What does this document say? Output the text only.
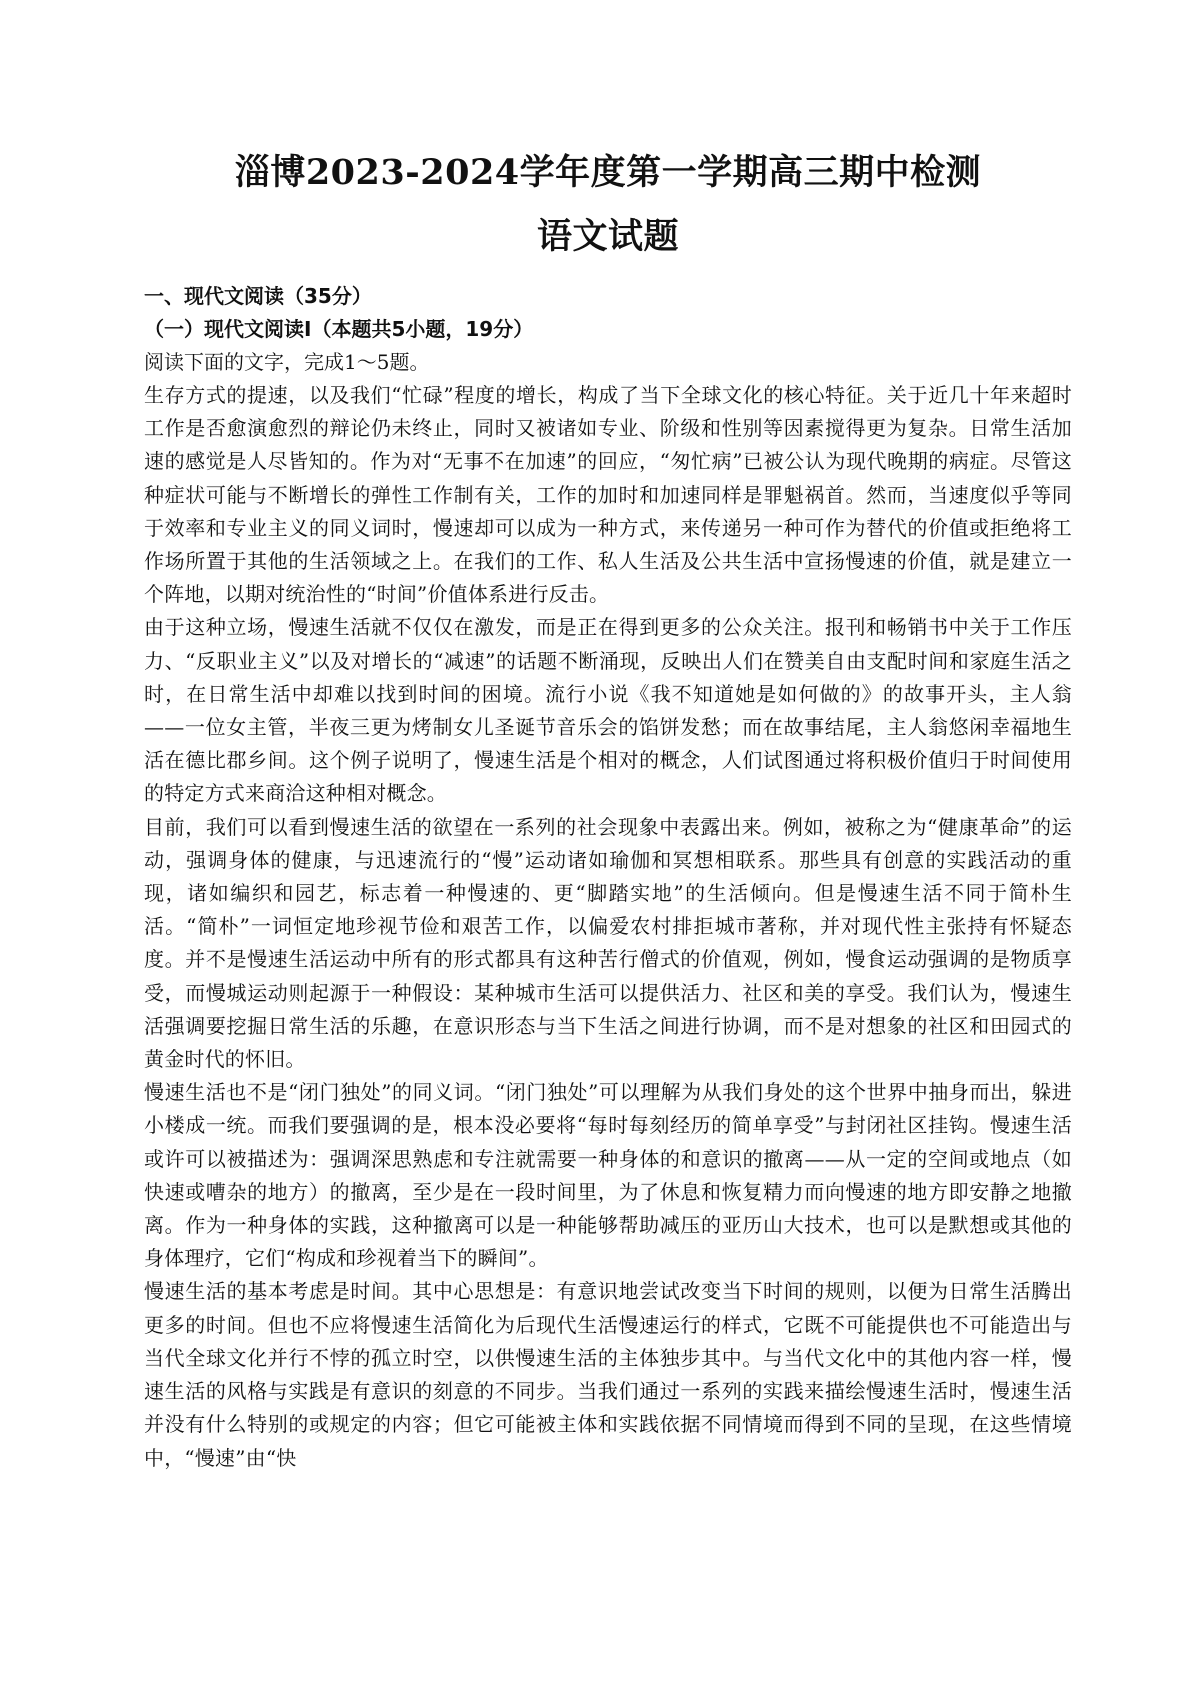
淄博2023-2024学年度第一学期高三期中检测
语文试题
一、现代文阅读（35分）
（一）现代文阅读Ⅰ（本题共5小题，19分）
阅读下面的文字，完成1～5题。

生存方式的提速，以及我们“忙碌”程度的增长，构成了当下全球文化的核心特征。关于近几十年来超时工作是否愈演愈烈的辩论仍未终止，同时又被诸如专业、阶级和性别等因素搅得更为复杂。日常生活加速的感觉是人尽皆知的。作为对“无事不在加速”的回应，“匆忙病”已被公认为现代晚期的病症。尽管这种症状可能与不断增长的弹性工作制有关，工作的加时和加速同样是罪魁祸首。然而，当速度似乎等同于效率和专业主义的同义词时，慢速却可以成为一种方式，来传递另一种可作为替代的价值或拒绝将工作场所置于其他的生活领域之上。在我们的工作、私人生活及公共生活中宣扬慢速的价值，就是建立一个阵地，以期对统治性的“时间”价值体系进行反击。

由于这种立场，慢速生活就不仅仅在激发，而是正在得到更多的公众关注。报刊和畅销书中关于工作压力、“反职业主义”以及对增长的“减速”的话题不断涌现，反映出人们在赞美自由支配时间和家庭生活之时，在日常生活中却难以找到时间的困境。流行小说《我不知道她是如何做的》的故事开头，主人翁——一位女主管，半夜三更为烤制女儿圣诞节音乐会的馅饼发愁；而在故事结尾，主人翁悠闲幸福地生活在德比郡乡间。这个例子说明了，慢速生活是个相对的概念，人们试图通过将积极价值归于时间使用的特定方式来商洽这种相对概念。

目前，我们可以看到慢速生活的欲望在一系列的社会现象中表露出来。例如，被称之为“健康革命”的运动，强调身体的健康，与迅速流行的“慢”运动诸如瑜伽和冥想相联系。那些具有创意的实践活动的重现，诸如编织和园艺，标志着一种慢速的、更“脚踏实地”的生活倾向。但是慢速生活不同于简朴生活。“简朴”一词恒定地珍视节俭和艰苦工作，以偏爱农村排拒城市著称，并对现代性主张持有怀疑态度。并不是慢速生活运动中所有的形式都具有这种苦行僧式的价值观，例如，慢食运动强调的是物质享受，而慢城运动则起源于一种假设：某种城市生活可以提供活力、社区和美的享受。我们认为，慢速生活强调要挖掘日常生活的乐趣，在意识形态与当下生活之间进行协调，而不是对想象的社区和田园式的黄金时代的怀旧。

慢速生活也不是“闭门独处”的同义词。“闭门独处”可以理解为从我们身处的这个世界中抽身而出，躲进小楼成一统。而我们要强调的是，根本没必要将“每时每刻经历的简单享受”与封闭社区挂钩。慢速生活或许可以被描述为：强调深思熟虑和专注就需要一种身体的和意识的撤离——从一定的空间或地点（如快速或嘈杂的地方）的撤离，至少是在一段时间里，为了休息和恢复精力而向慢速的地方即安静之地撤离。作为一种身体的实践，这种撤离可以是一种能够帮助减压的亚历山大技术，也可以是默想或其他的身体理疗，它们“构成和珍视着当下的瞬间”。

慢速生活的基本考虑是时间。其中心思想是：有意识地尝试改变当下时间的规则，以便为日常生活腾出更多的时间。但也不应将慢速生活简化为后现代生活慢速运行的样式，它既不可能提供也不可能造出与当代全球文化并行不悖的孤立时空，以供慢速生活的主体独步其中。与当代文化中的其他内容一样，慢速生活的风格与实践是有意识的刻意的不同步。当我们通过一系列的实践来描绘慢速生活时，慢速生活并没有什么特别的或规定的内容；但它可能被主体和实践依据不同情境而得到不同的呈现，在这些情境中，“慢速”由“快
